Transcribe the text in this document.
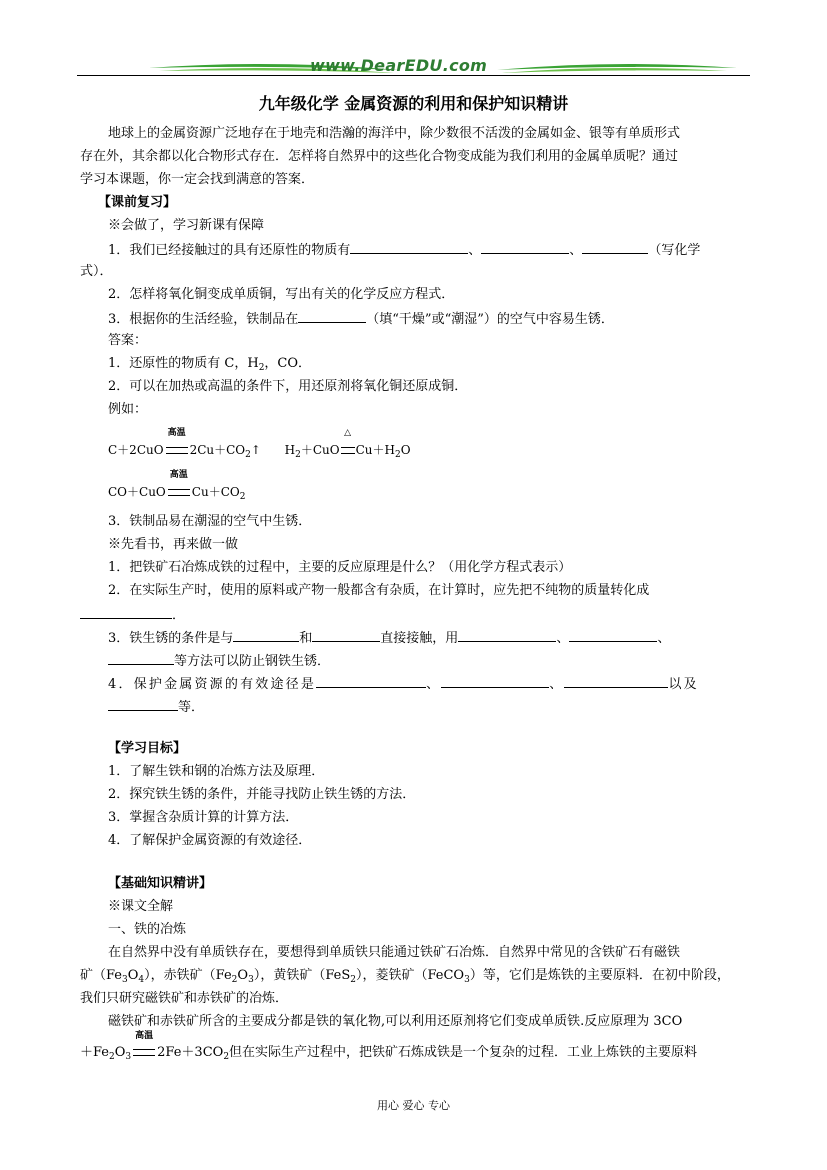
www.DearEDU.com
九年级化学 金属资源的利用和保护知识精讲
地球上的金属资源广泛地存在于地壳和浩瀚的海洋中，除少数很不活泼的金属如金、银等有单质形式
存在外，其余都以化合物形式存在．怎样将自然界中的这些化合物变成能为我们利用的金属单质呢？通过
学习本课题，你一定会找到满意的答案．
【课前复习】
※会做了，学习新课有保障
1．我们已经接触过的具有还原性的物质有	、	、	（写化学
式）．
2．怎样将氧化铜变成单质铜，写出有关的化学反应方程式．
3．根据你的生活经验，铁制品在	（填“干燥”或“潮湿”）的空气中容易生锈．
答案：
1．还原性的物质有 C，$H_2$，CO．
2．可以在加热或高温的条件下，用还原剂将氧化铜还原成铜．
例如：
C＋2CuO
高温
$2Cu+CO_2↑$ $H_2+CuO$
△
$Cu+H_2O$
CO＋CuO
高温
$Cu+CO_2$
3．铁制品易在潮湿的空气中生锈．
※先看书，再来做一做
1．把铁矿石冶炼成铁的过程中，主要的反应原理是什么？（用化学方程式表示）
2．在实际生产时，使用的原料或产物一般都含有杂质，在计算时，应先把不纯物的质量转化成
．
3．铁生锈的条件是与	和	直接接触，用	、	、
等方法可以防止钢铁生锈．
4．保护金属资源的有效途径是	、	、	以及
等．
【学习目标】
1．了解生铁和钢的冶炼方法及原理．
2．探究铁生锈的条件，并能寻找防止铁生锈的方法．
3．掌握含杂质计算的计算方法．
4．了解保护金属资源的有效途径．
【基础知识精讲】
※课文全解
一、铁的冶炼
在自然界中没有单质铁存在，要想得到单质铁只能通过铁矿石冶炼．自然界中常见的含铁矿石有磁铁
矿$(Fe_3O_4)$，赤铁矿$(Fe_2O_3)$，黄铁矿（FeS$_2$），菱铁矿（FeCO$_3$）等，它们是炼铁的主要原料．在初中阶段，
我们只研究磁铁矿和赤铁矿的冶炼．
磁铁矿和赤铁矿所含的主要成分都是铁的氧化物,可以利用还原剂将它们变成单质铁.反应原理为 3CO
$+Fe_2O_3$
高温
$2Fe+3CO_2$但在实际生产过程中，把铁矿石炼成铁是一个复杂的过程．工业上炼铁的主要原料
用心 爱心 专心
